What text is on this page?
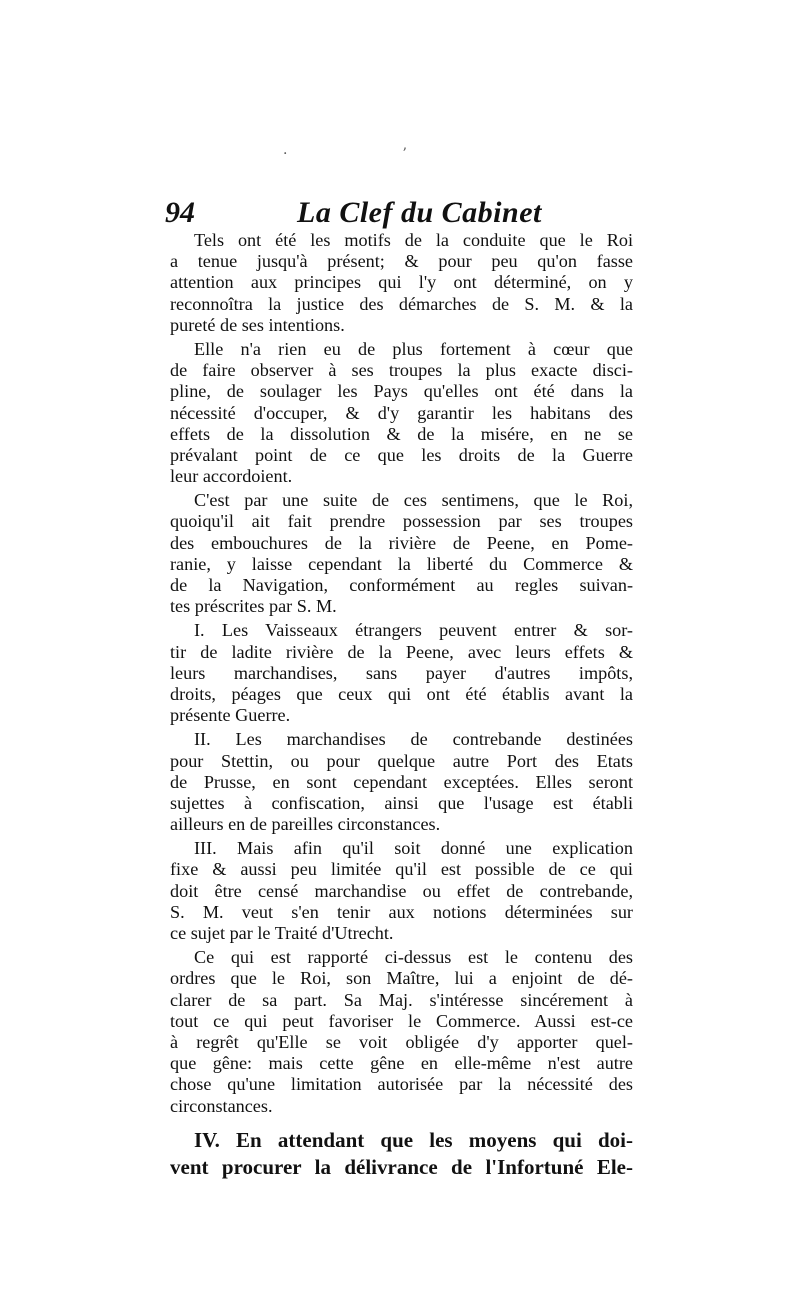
·	ʼ
94	La Clef du Cabinet
Tels ont été les motifs de la conduite que le Roi
a tenue jusqu'à présent; & pour peu qu'on fasse
attention aux principes qui l'y ont déterminé, on y
reconnoîtra la justice des démarches de S. M. & la
pureté de ses intentions.
Elle n'a rien eu de plus fortement à cœur que
de faire observer à ses troupes la plus exacte disci-
pline, de soulager les Pays qu'elles ont été dans la
nécessité d'occuper, & d'y garantir les habitans des
effets de la dissolution & de la misére, en ne se
prévalant point de ce que les droits de la Guerre
leur accordoient.
C'est par une suite de ces sentimens, que le Roi,
quoiqu'il ait fait prendre possession par ses troupes
des embouchures de la rivière de Peene, en Pome-
ranie, y laisse cependant la liberté du Commerce &
de la Navigation, conformément au regles suivan-
tes préscrites par S. M.
I. Les Vaisseaux étrangers peuvent entrer & sor-
tir de ladite rivière de la Peene, avec leurs effets &
leurs marchandises, sans payer d'autres impôts,
droits, péages que ceux qui ont été établis avant la
présente Guerre.
II. Les marchandises de contrebande destinées
pour Stettin, ou pour quelque autre Port des Etats
de Prusse, en sont cependant exceptées. Elles seront
sujettes à confiscation, ainsi que l'usage est établi
ailleurs en de pareilles circonstances.
III. Mais afin qu'il soit donné une explication
fixe & aussi peu limitée qu'il est possible de ce qui
doit être censé marchandise ou effet de contrebande,
S. M. veut s'en tenir aux notions déterminées sur
ce sujet par le Traité d'Utrecht.
Ce qui est rapporté ci-dessus est le contenu des
ordres que le Roi, son Maître, lui a enjoint de dé-
clarer de sa part. Sa Maj. s'intéresse sincérement à
tout ce qui peut favoriser le Commerce. Aussi est-ce
à regrêt qu'Elle se voit obligée d'y apporter quel-
que gêne: mais cette gêne en elle-même n'est autre
chose qu'une limitation autorisée par la nécessité des
circonstances.
IV. En attendant que les moyens qui doi-
vent procurer la délivrance de l'Infortuné Ele-
